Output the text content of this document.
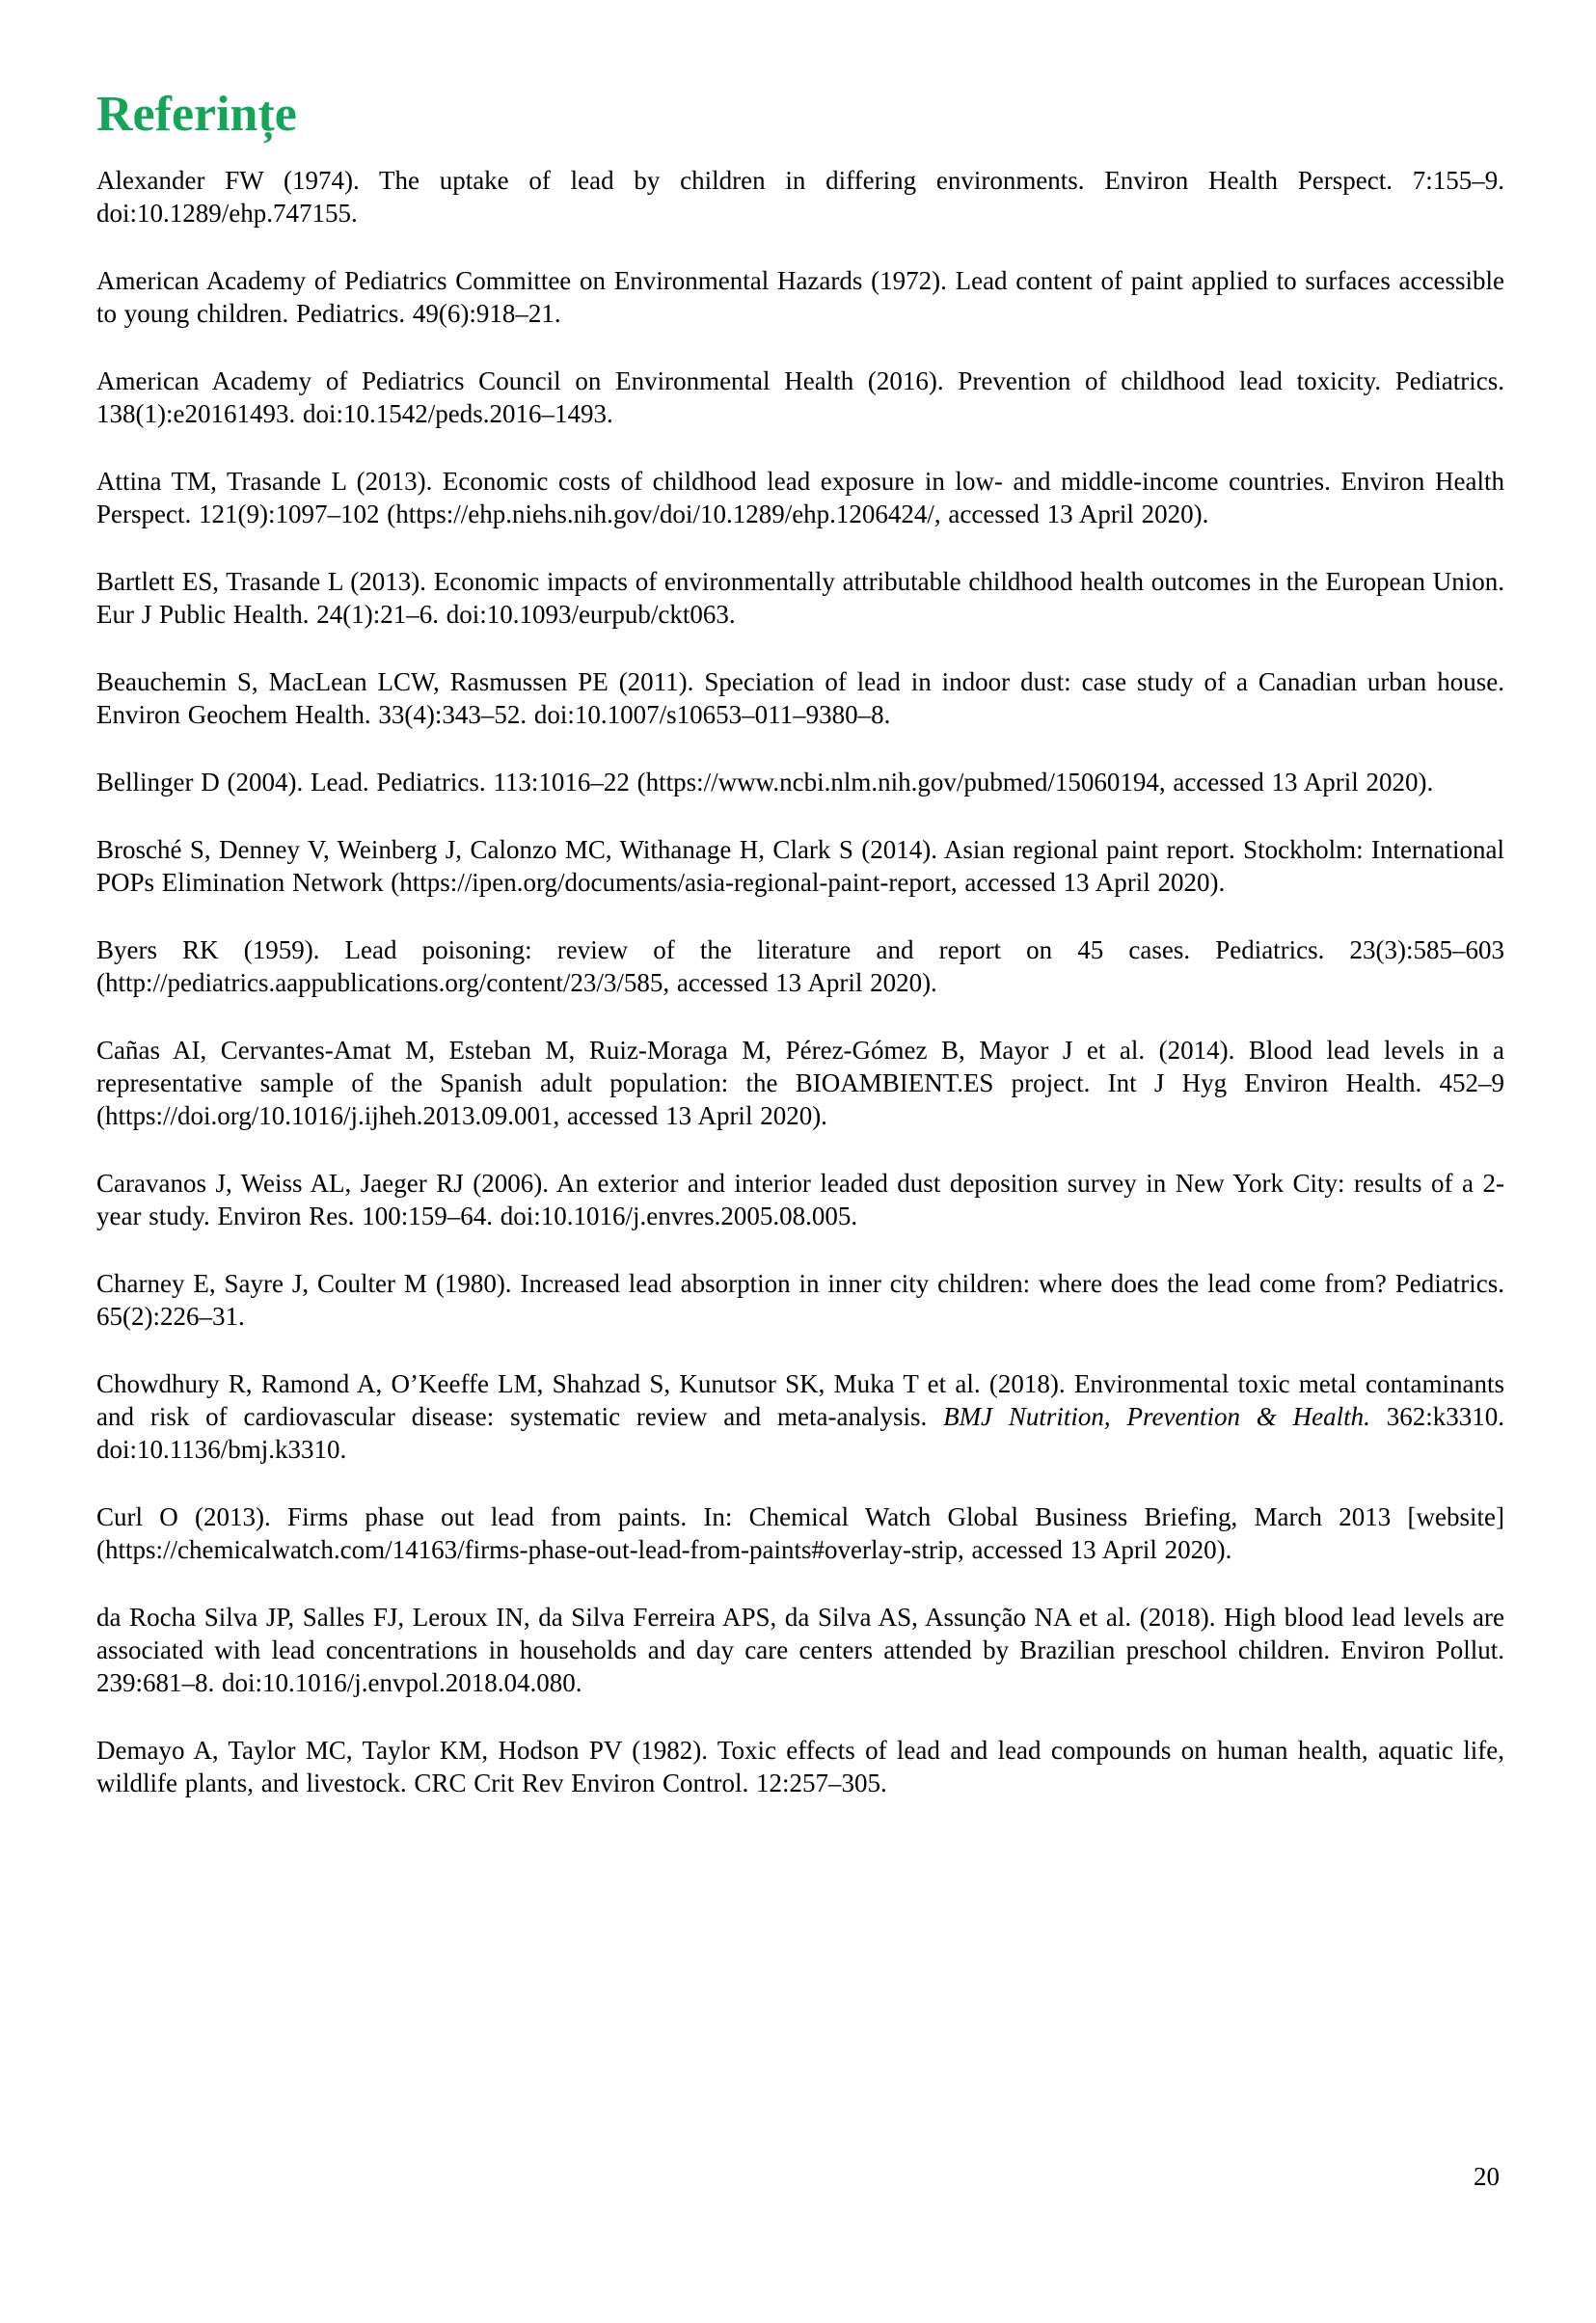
Referințe

Alexander FW (1974). The uptake of lead by children in differing environments. Environ Health Perspect. 7:155–9. doi:10.1289/ehp.747155.

American Academy of Pediatrics Committee on Environmental Hazards (1972). Lead content of paint applied to surfaces accessible to young children. Pediatrics. 49(6):918–21.

American Academy of Pediatrics Council on Environmental Health (2016). Prevention of childhood lead toxicity. Pediatrics. 138(1):e20161493. doi:10.1542/peds.2016–1493.

Attina TM, Trasande L (2013). Economic costs of childhood lead exposure in low- and middle-income countries. Environ Health Perspect. 121(9):1097–102 (https://ehp.niehs.nih.gov/doi/10.1289/ehp.1206424/, accessed 13 April 2020).

Bartlett ES, Trasande L (2013). Economic impacts of environmentally attributable childhood health outcomes in the European Union. Eur J Public Health. 24(1):21–6. doi:10.1093/eurpub/ckt063.

Beauchemin S, MacLean LCW, Rasmussen PE (2011). Speciation of lead in indoor dust: case study of a Canadian urban house. Environ Geochem Health. 33(4):343–52. doi:10.1007/s10653–011–9380–8.

Bellinger D (2004). Lead. Pediatrics. 113:1016–22 (https://www.ncbi.nlm.nih.gov/pubmed/15060194, accessed 13 April 2020).

Brosché S, Denney V, Weinberg J, Calonzo MC, Withanage H, Clark S (2014). Asian regional paint report. Stockholm: International POPs Elimination Network (https://ipen.org/documents/asia-regional-paint-report, accessed 13 April 2020).

Byers RK (1959). Lead poisoning: review of the literature and report on 45 cases. Pediatrics. 23(3):585–603 (http://pediatrics.aappublications.org/content/23/3/585, accessed 13 April 2020).

Cañas AI, Cervantes-Amat M, Esteban M, Ruiz-Moraga M, Pérez-Gómez B, Mayor J et al. (2014). Blood lead levels in a representative sample of the Spanish adult population: the BIOAMBIENT.ES project. Int J Hyg Environ Health. 452–9 (https://doi.org/10.1016/j.ijheh.2013.09.001, accessed 13 April 2020).

Caravanos J, Weiss AL, Jaeger RJ (2006). An exterior and interior leaded dust deposition survey in New York City: results of a 2-year study. Environ Res. 100:159–64. doi:10.1016/j.envres.2005.08.005.

Charney E, Sayre J, Coulter M (1980). Increased lead absorption in inner city children: where does the lead come from? Pediatrics. 65(2):226–31.

Chowdhury R, Ramond A, O’Keeffe LM, Shahzad S, Kunutsor SK, Muka T et al. (2018). Environmental toxic metal contaminants and risk of cardiovascular disease: systematic review and meta-analysis. BMJ Nutrition, Prevention & Health. 362:k3310. doi:10.1136/bmj.k3310.

Curl O (2013). Firms phase out lead from paints. In: Chemical Watch Global Business Briefing, March 2013 [website] (https://chemicalwatch.com/14163/firms-phase-out-lead-from-paints#overlay-strip, accessed 13 April 2020).

da Rocha Silva JP, Salles FJ, Leroux IN, da Silva Ferreira APS, da Silva AS, Assunção NA et al. (2018). High blood lead levels are associated with lead concentrations in households and day care centers attended by Brazilian preschool children. Environ Pollut. 239:681–8. doi:10.1016/j.envpol.2018.04.080.

Demayo A, Taylor MC, Taylor KM, Hodson PV (1982). Toxic effects of lead and lead compounds on human health, aquatic life, wildlife plants, and livestock. CRC Crit Rev Environ Control. 12:257–305.

20
